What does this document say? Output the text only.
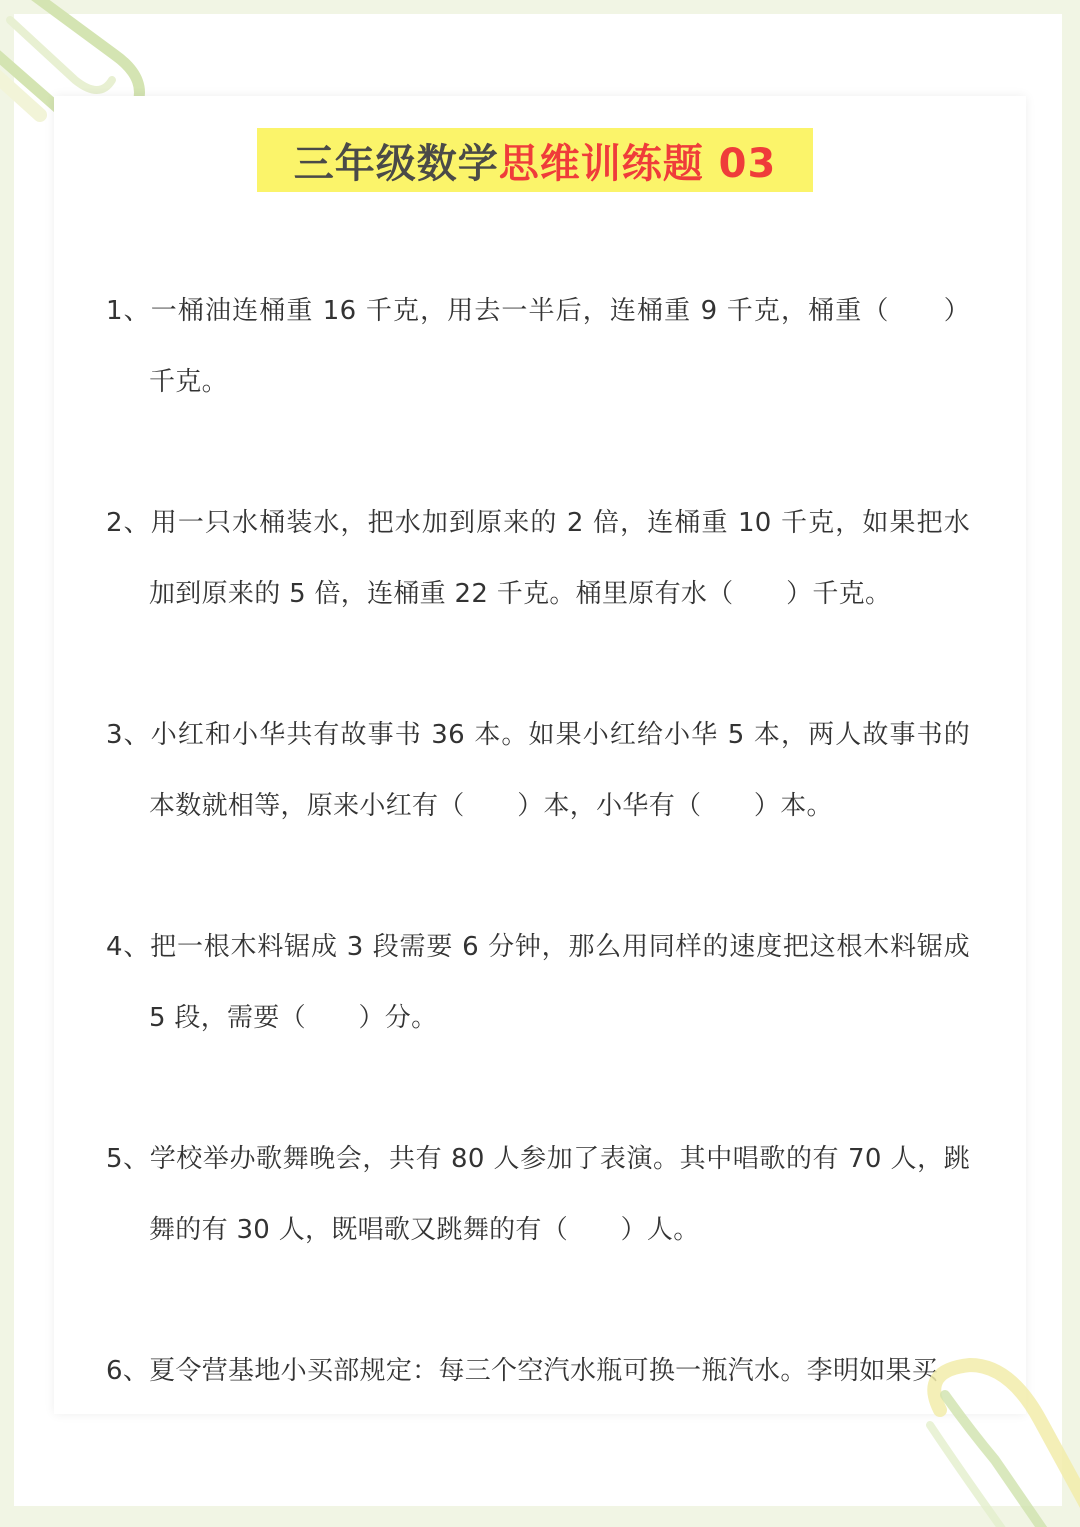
三年级数学 思维训练题 03
1、一桶油连桶重 16 千克，用去一半后，连桶重 9 千克，桶重（　　）千克。
2、用一只水桶装水，把水加到原来的 2 倍，连桶重 10 千克，如果把水加到原来的 5 倍，连桶重 22 千克。桶里原有水（　　）千克。
3、小红和小华共有故事书 36 本。如果小红给小华 5 本，两人故事书的本数就相等，原来小红有（　　）本，小华有（　　）本。
4、把一根木料锯成 3 段需要 6 分钟，那么用同样的速度把这根木料锯成 5 段，需要（　　）分。
5、学校举办歌舞晚会，共有 80 人参加了表演。其中唱歌的有 70 人，跳舞的有 30 人，既唱歌又跳舞的有（　　）人。
6、夏令营基地小买部规定：每三个空汽水瓶可换一瓶汽水。李明如果买
